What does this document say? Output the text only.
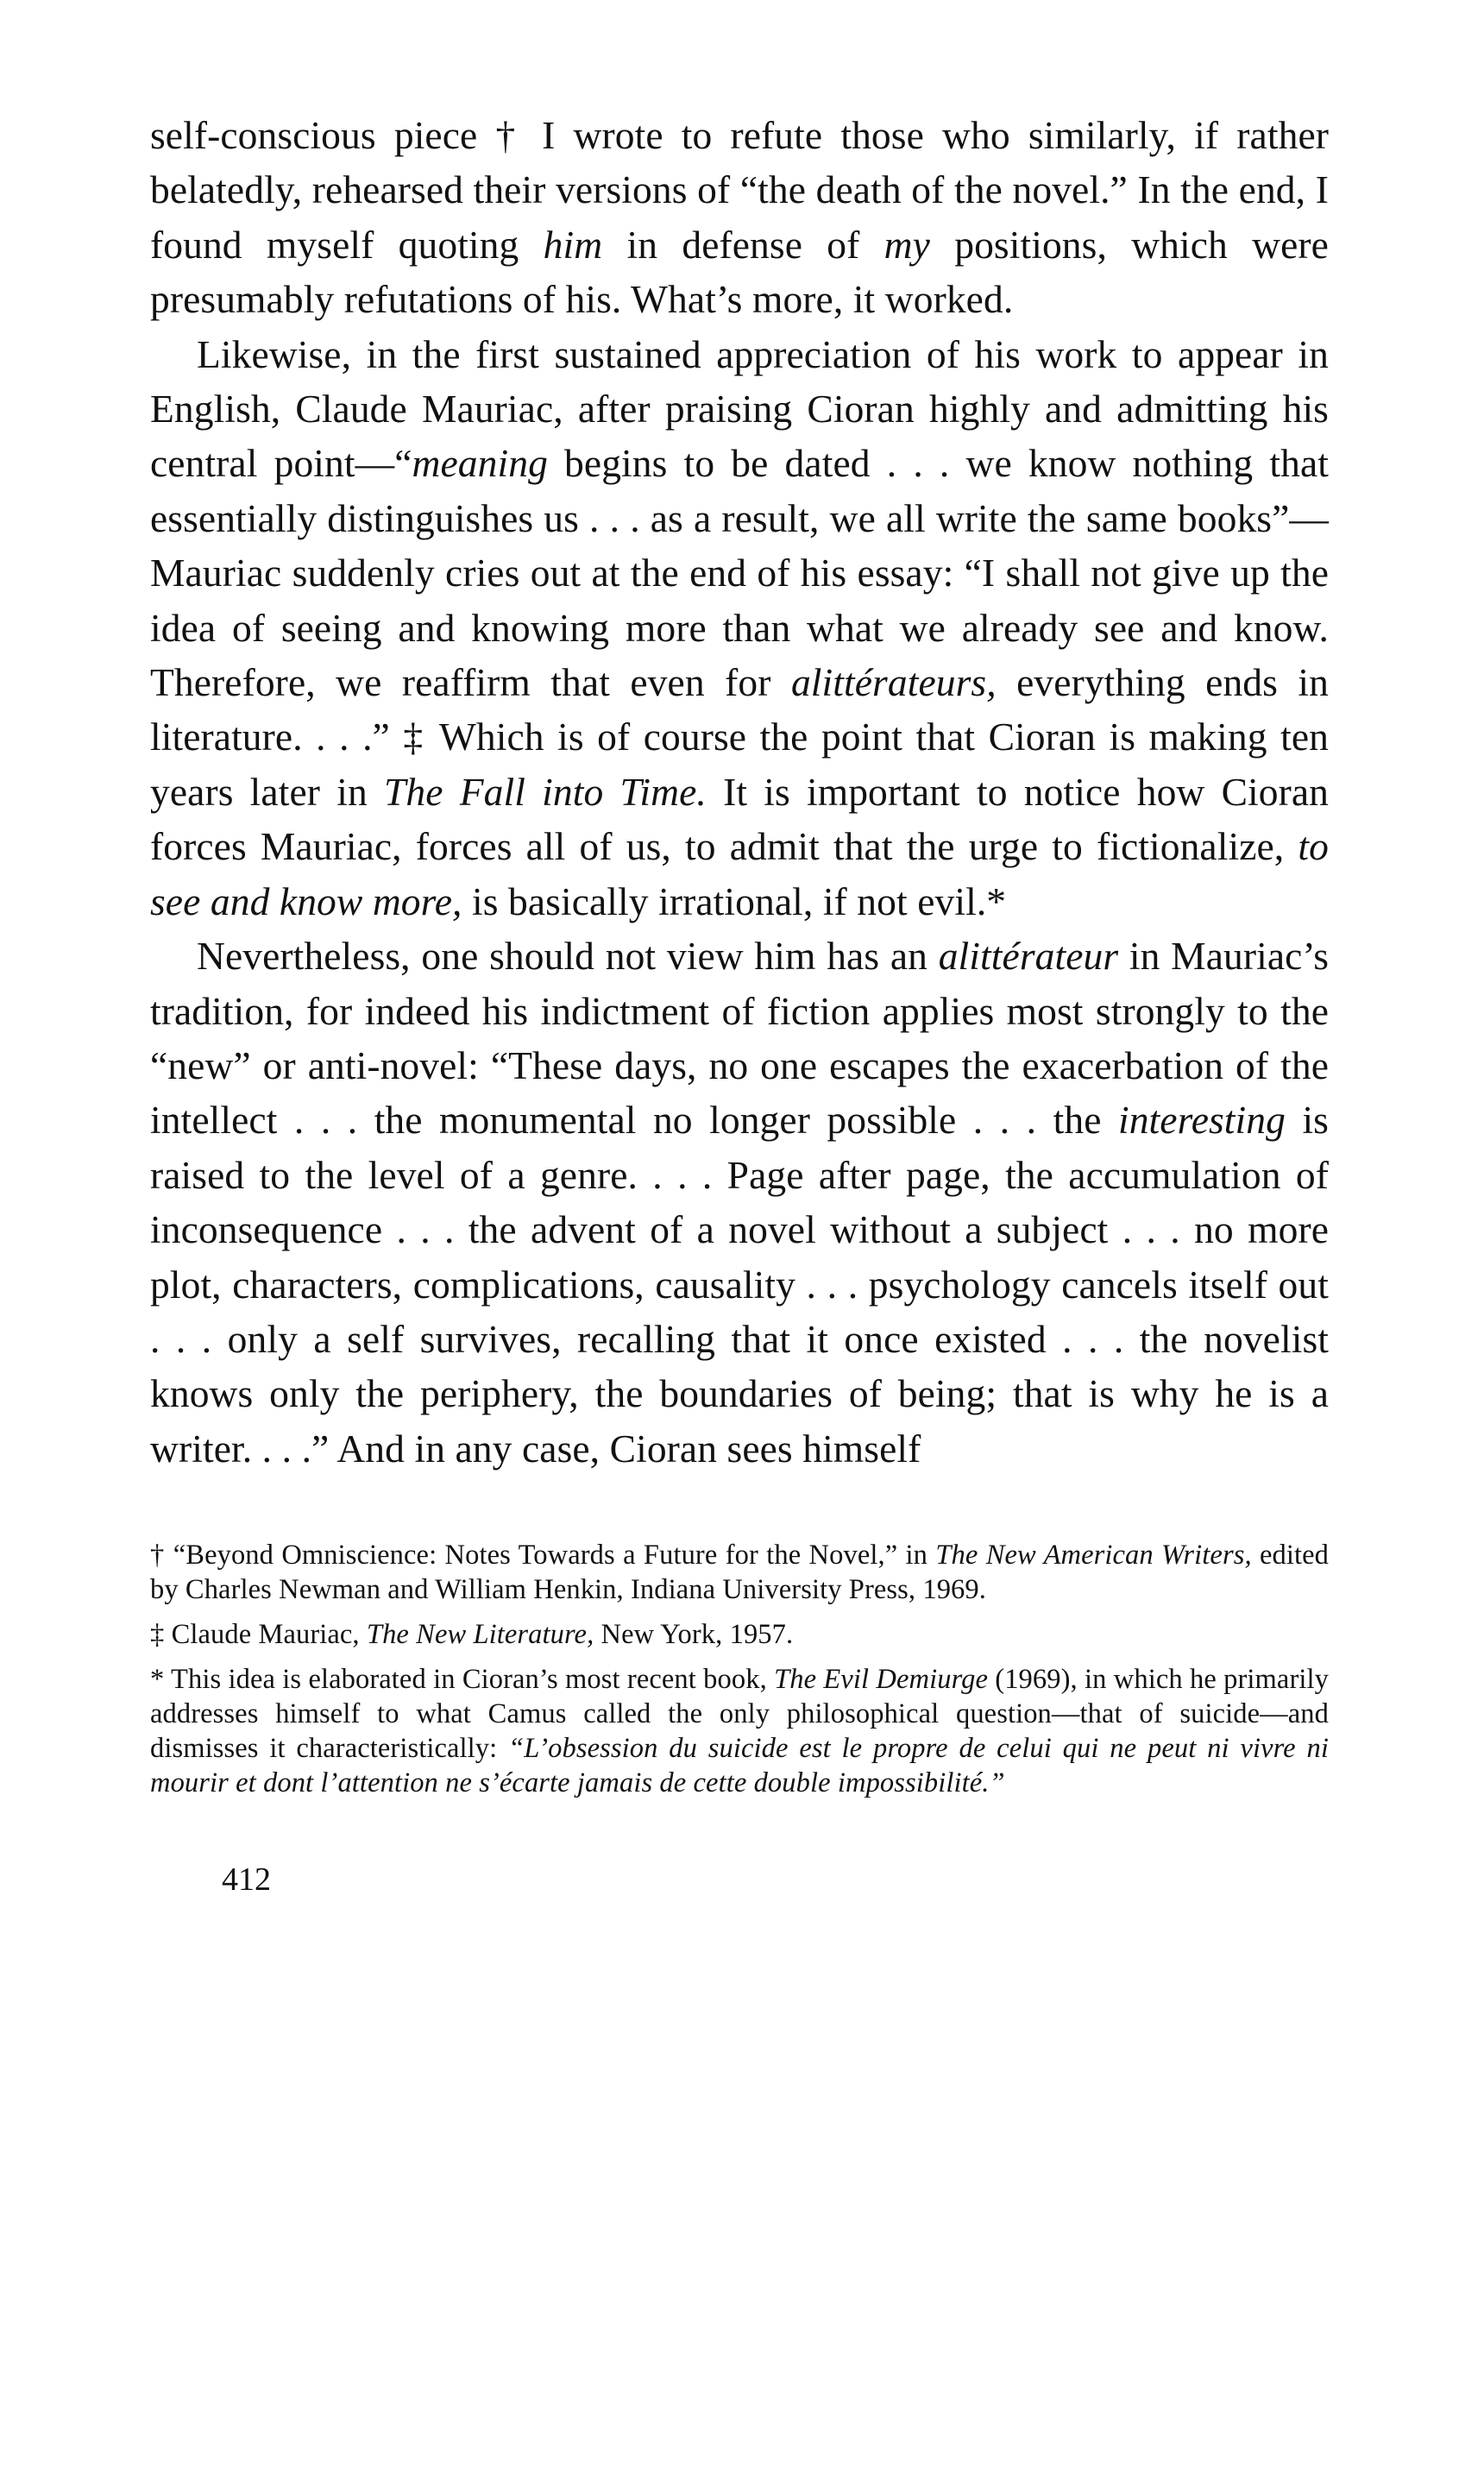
self-conscious piece † I wrote to refute those who similarly, if rather belatedly, rehearsed their versions of “the death of the novel.” In the end, I found myself quoting him in defense of my positions, which were presumably refutations of his. What’s more, it worked.

Likewise, in the first sustained appreciation of his work to appear in English, Claude Mauriac, after praising Cioran highly and admitting his central point—“meaning begins to be dated . . . we know nothing that essentially distinguishes us . . . as a result, we all write the same books”—Mauriac suddenly cries out at the end of his essay: “I shall not give up the idea of seeing and knowing more than what we already see and know. Therefore, we reaffirm that even for alittérateurs, everything ends in literature. . . .” ‡ Which is of course the point that Cioran is making ten years later in The Fall into Time. It is important to notice how Cioran forces Mauriac, forces all of us, to admit that the urge to fictionalize, to see and know more, is basically irrational, if not evil.*

Nevertheless, one should not view him has an alittérateur in Mauriac’s tradition, for indeed his indictment of fiction applies most strongly to the “new” or anti-novel: “These days, no one escapes the exacerbation of the intellect . . . the monumental no longer possible . . . the interesting is raised to the level of a genre. . . . Page after page, the accumulation of inconsequence . . . the advent of a novel without a subject . . . no more plot, characters, complications, causality . . . psychology cancels itself out . . . only a self survives, recalling that it once existed . . . the novelist knows only the periphery, the boundaries of being; that is why he is a writer. . . .” And in any case, Cioran sees himself

† “Beyond Omniscience: Notes Towards a Future for the Novel,” in The New American Writers, edited by Charles Newman and William Henkin, Indiana University Press, 1969.

‡ Claude Mauriac, The New Literature, New York, 1957.

* This idea is elaborated in Cioran’s most recent book, The Evil Demiurge (1969), in which he primarily addresses himself to what Camus called the only philosophical question—that of suicide—and dismisses it characteristically: “L’obsession du suicide est le propre de celui qui ne peut ni vivre ni mourir et dont l’attention ne s’écarte jamais de cette double impossibilité.”

412
